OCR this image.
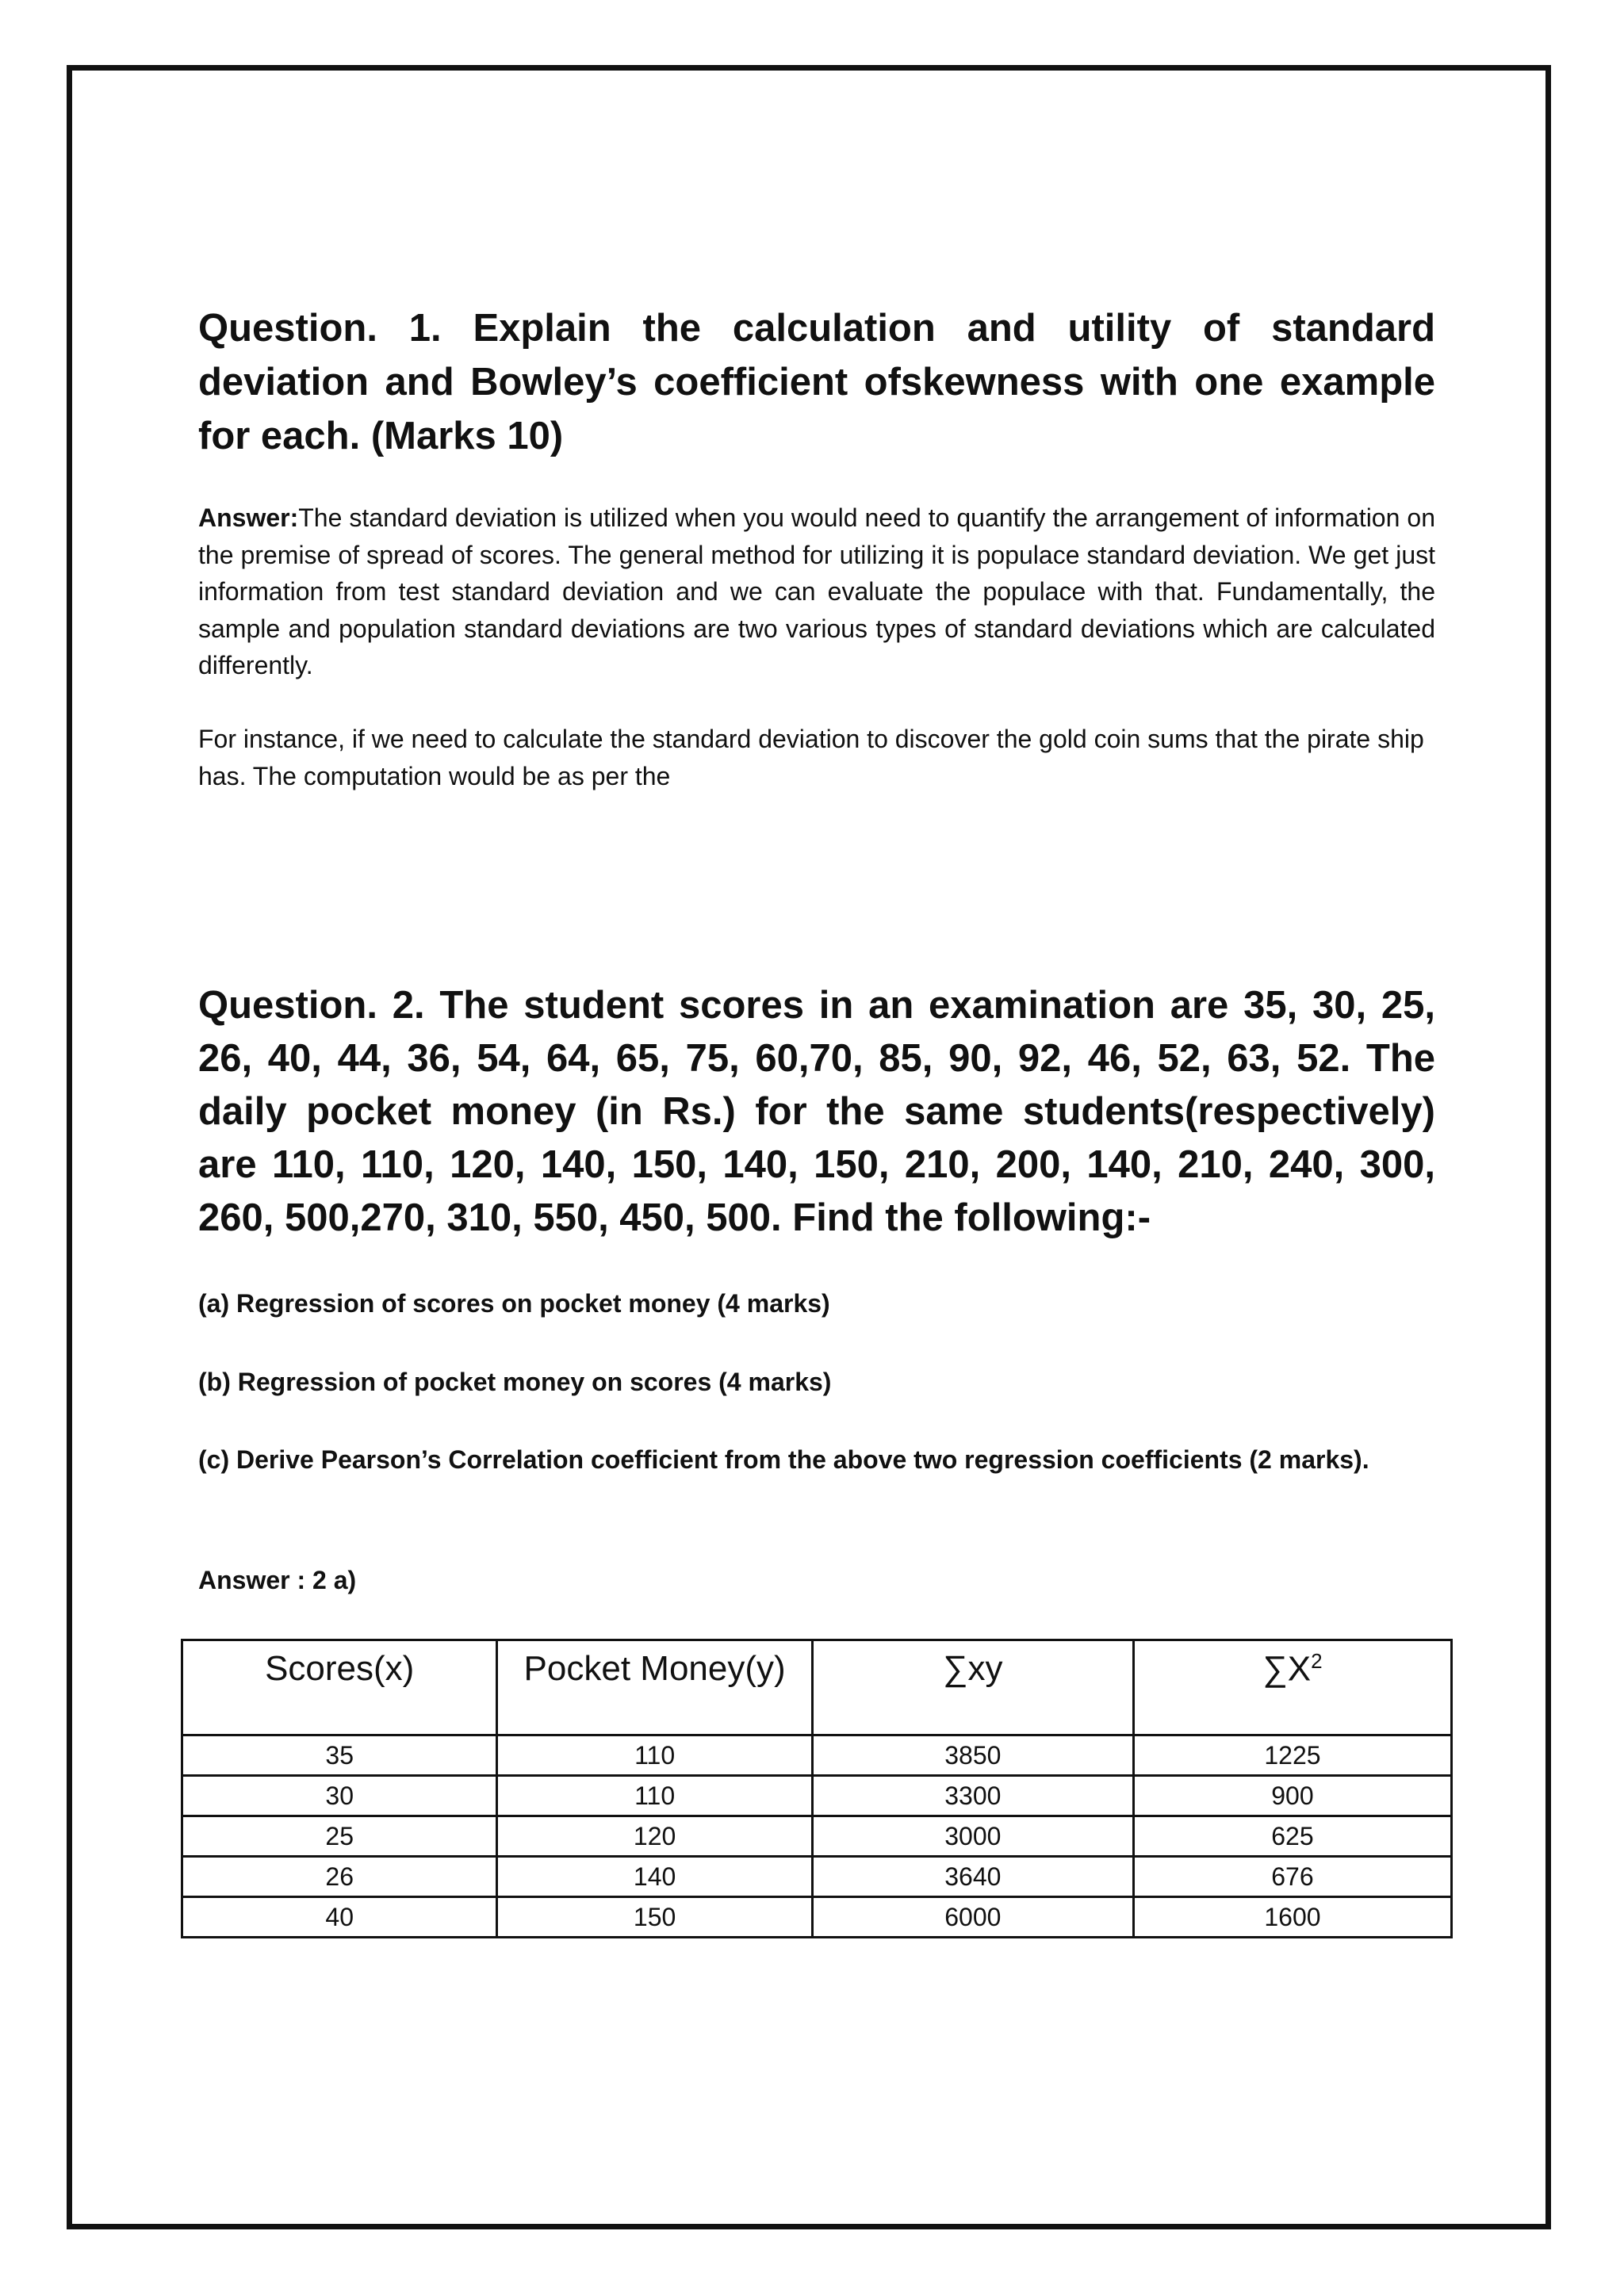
Question. 1. Explain the calculation and utility of standard deviation and Bowley’s coefficient ofskewness with one example for each. (Marks 10)

Answer:The standard deviation is utilized when you would need to quantify the arrangement of information on the premise of spread of scores. The general method for utilizing it is populace standard deviation. We get just information from test standard deviation and we can evaluate the populace with that. Fundamentally, the sample and population standard deviations are two various types of standard deviations which are calculated differently.

For instance, if we need to calculate the standard deviation to discover the gold coin sums that the pirate ship has. The computation would be as per the

Question. 2. The student scores in an examination are 35, 30, 25, 26, 40, 44, 36, 54, 64, 65, 75, 60,70, 85, 90, 92, 46, 52, 63, 52. The daily pocket money (in Rs.) for the same students(respectively) are 110, 110, 120, 140, 150, 140, 150, 210, 200, 140, 210, 240, 300, 260, 500,270, 310, 550, 450, 500. Find the following:-

(a) Regression of scores on pocket money (4 marks)

(b) Regression of pocket money on scores (4 marks)

(c) Derive Pearson’s Correlation coefficient from the above two regression coefficients (2 marks).

Answer : 2 a)

Scores(x)	Pocket Money(y)	∑xy	$\sum X^2$
35	110	3850	1225
30	110	3300	900
25	120	3000	625
26	140	3640	676
40	150	6000	1600
